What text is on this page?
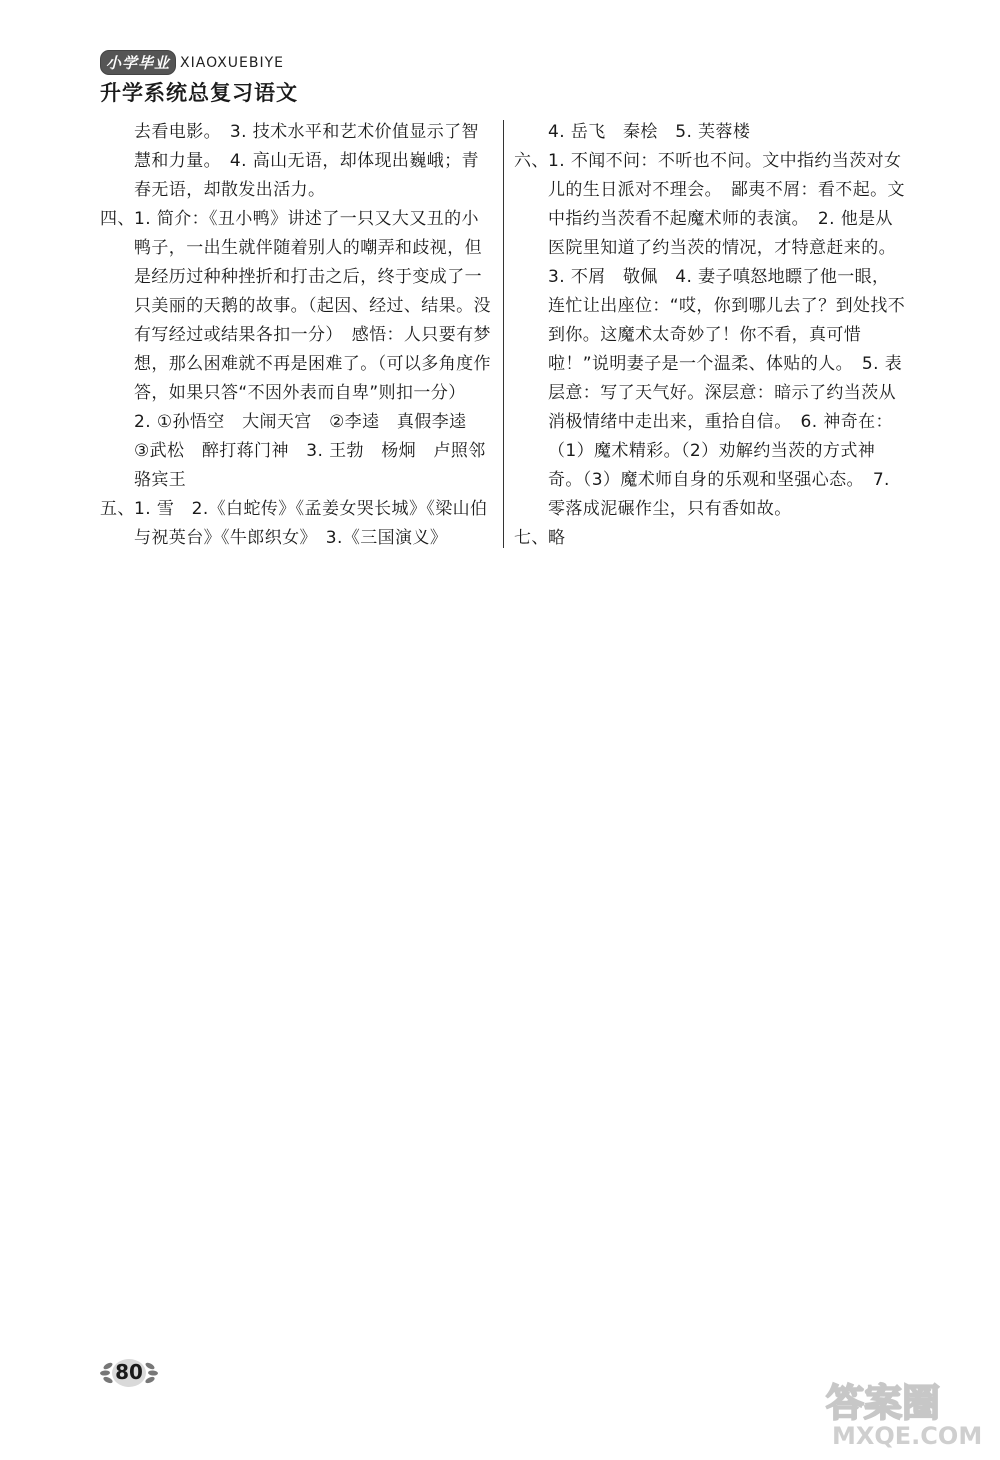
小学毕业 XIAOXUEBIYE
升学系统总复习语文
去看电影。　3. 技术水平和艺术价值显示了智
慧和力量。　4. 高山无语，却体现出巍峨；青
春无语，却散发出活力。
四、 1. 简介：《丑小鸭》讲述了一只又大又丑的小鸭子，一出生就伴随着别人的嘲弄和歧视，但是经历过种种挫折和打击之后，终于变成了一只美丽的天鹅的故事。（起因、经过、结果。没有写经过或结果各扣一分）　感悟：人只要有梦想，那么困难就不再是困难了。（可以多角度作答，如果只答“不因外表而自卑”则扣一分）
2. ①孙悟空　大闹天宫　②李逵　真假李逵
③武松　醉打蒋门神　3. 王勃　杨炯　卢照邻
骆宾王
五、 1. 雪　2.《白蛇传》《孟姜女哭长城》《梁山伯与祝英台》《牛郎织女》　3.《三国演义》
4. 岳飞　秦桧　5. 芙蓉楼
六、 1. 不闻不问：不听也不问。文中指约当茨对女儿的生日派对不理会。　鄙夷不屑：看不起。文中指约当茨看不起魔术师的表演。　2. 他是从医院里知道了约当茨的情况，才特意赶来的。　3. 不屑　敬佩　4. 妻子嗔怒地瞟了他一眼，连忙让出座位：“哎，你到哪儿去了？到处找不到你。这魔术太奇妙了！你不看，真可惜啦！”说明妻子是一个温柔、体贴的人。　5. 表层意：写了天气好。深层意：暗示了约当茨从消极情绪中走出来，重拾自信。　6. 神奇在：（1）魔术精彩。（2）劝解约当茨的方式神奇。（3）魔术师自身的乐观和坚强心态。　7. 零落成泥碾作尘，只有香如故。
七、 略
80
答案圈
MXQE.COM
